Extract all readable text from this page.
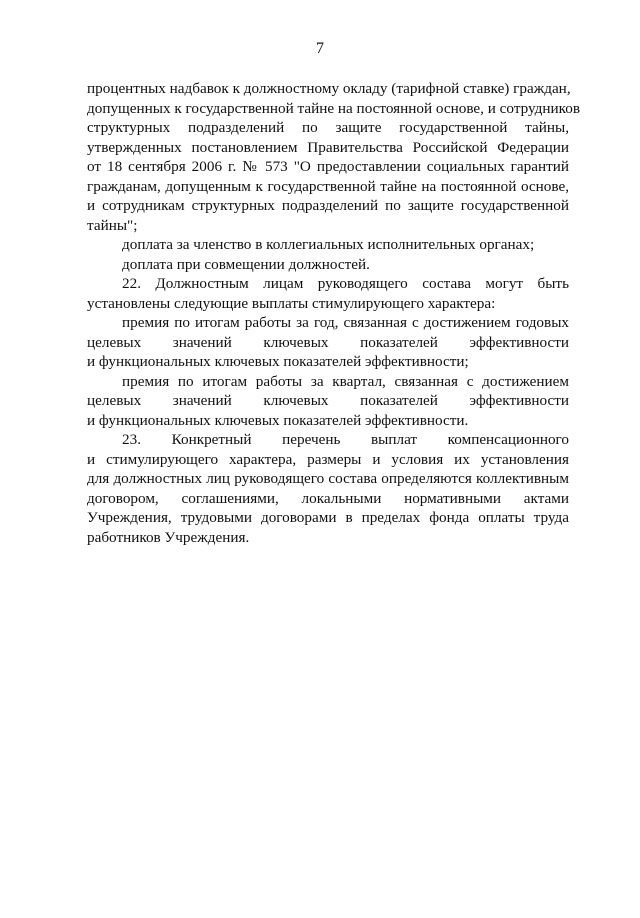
7
процентных надбавок к должностному окладу (тарифной ставке) граждан,
допущенных к государственной тайне на постоянной основе, и сотрудников
структурных подразделений по защите государственной тайны,
утвержденных постановлением Правительства Российской Федерации
от 18 сентября 2006 г. № 573 "О предоставлении социальных гарантий
гражданам, допущенным к государственной тайне на постоянной основе,
и сотрудникам структурных подразделений по защите государственной
тайны";
доплата за членство в коллегиальных исполнительных органах;
доплата при совмещении должностей.
22. Должностным лицам руководящего состава могут быть
установлены следующие выплаты стимулирующего характера:
премия по итогам работы за год, связанная с достижением годовых
целевых значений ключевых показателей эффективности
и функциональных ключевых показателей эффективности;
премия по итогам работы за квартал, связанная с достижением
целевых значений ключевых показателей эффективности
и функциональных ключевых показателей эффективности.
23. Конкретный перечень выплат компенсационного
и стимулирующего характера, размеры и условия их установления
для должностных лиц руководящего состава определяются коллективным
договором, соглашениями, локальными нормативными актами
Учреждения, трудовыми договорами в пределах фонда оплаты труда
работников Учреждения.
